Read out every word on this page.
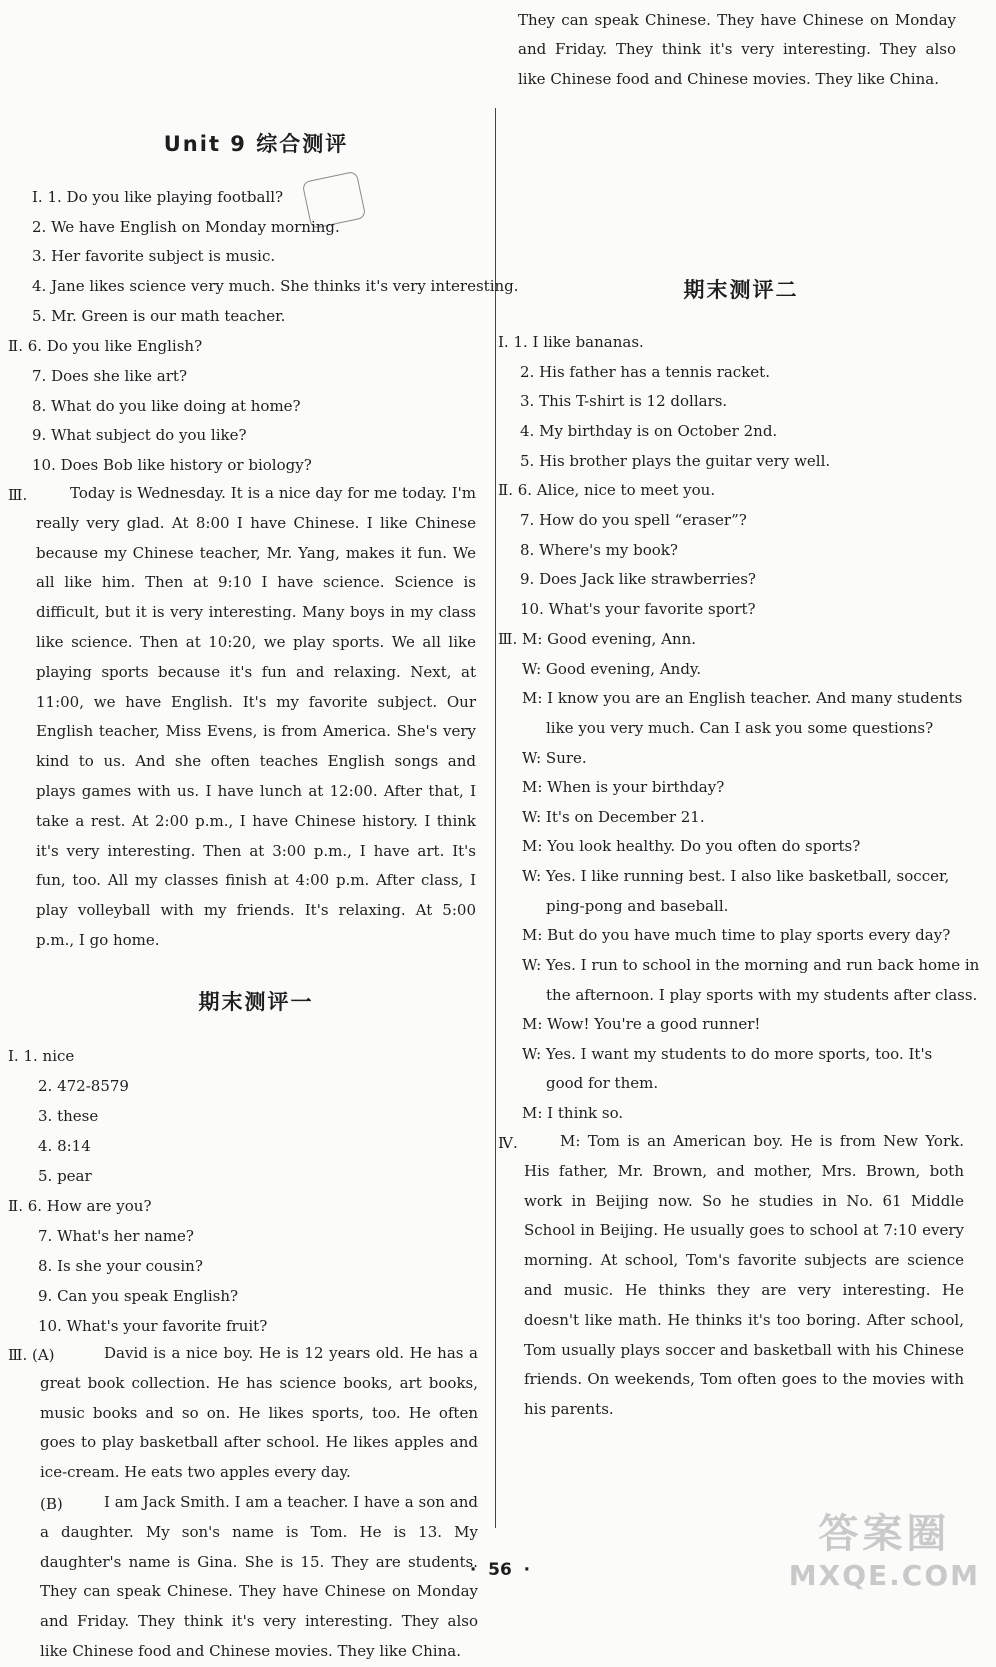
Unit 9 综合测评
Ⅰ. 1. Do you like playing football?
2. We have English on Monday morning.
3. Her favorite subject is music.
4. Jane likes science very much. She thinks it's very interesting.
5. Mr. Green is our math teacher.
Ⅱ. 6. Do you like English?
7. Does she like art?
8. What do you like doing at home?
9. What subject do you like?
10. Does Bob like history or biology?
Ⅲ.	Today is Wednesday. It is a nice day for me today. I'm really very glad. At 8:00 I have Chinese. I like Chinese because my Chinese teacher, Mr. Yang, makes it fun. We all like him. Then at 9:10 I have science. Science is difficult, but it is very interesting. Many boys in my class like science. Then at 10:20, we play sports. We all like playing sports because it's fun and relaxing. Next, at 11:00, we have English. It's my favorite subject. Our English teacher, Miss Evens, is from America. She's very kind to us. And she often teaches English songs and plays games with us. I have lunch at 12:00. After that, I take a rest. At 2:00 p.m., I have Chinese history. I think it's very interesting. Then at 3:00 p.m., I have art. It's fun, too. All my classes finish at 4:00 p.m. After class, I play volleyball with my friends. It's relaxing. At 5:00 p.m., I go home.
期末测评一
Ⅰ. 1. nice
2. 472-8579
3. these
4. 8:14
5. pear
Ⅱ. 6. How are you?
7. What's her name?
8. Is she your cousin?
9. Can you speak English?
10. What's your favorite fruit?
Ⅲ. (A)	David is a nice boy. He is 12 years old. He has a great book collection. He has science books, art books, music books and so on. He likes sports, too. He often goes to play basketball after school. He likes apples and ice-cream. He eats two apples every day.
(B)	I am Jack Smith. I am a teacher. I have a son and a daughter. My son's name is Tom. He is 13. My daughter's name is Gina. She is 15. They are students. They can speak Chinese. They have Chinese on Monday and Friday. They think it's very interesting. They also like Chinese food and Chinese movies. They like China.
They can speak Chinese. They have Chinese on Monday and Friday. They think it's very interesting. They also like Chinese food and Chinese movies. They like China.
期末测评二
Ⅰ. 1. I like bananas.
2. His father has a tennis racket.
3. This T-shirt is 12 dollars.
4. My birthday is on October 2nd.
5. His brother plays the guitar very well.
Ⅱ. 6. Alice, nice to meet you.
7. How do you spell “eraser”?
8. Where's my book?
9. Does Jack like strawberries?
10. What's your favorite sport?
Ⅲ. M: Good evening, Ann.
W: Good evening, Andy.
M: I know you are an English teacher. And many students
like you very much. Can I ask you some questions?
W: Sure.
M: When is your birthday?
W: It's on December 21.
M: You look healthy. Do you often do sports?
W: Yes. I like running best. I also like basketball, soccer,
ping-pong and baseball.
M: But do you have much time to play sports every day?
W: Yes. I run to school in the morning and run back home in
the afternoon. I play sports with my students after class.
M: Wow! You're a good runner!
W: Yes. I want my students to do more sports, too. It's
good for them.
M: I think so.
Ⅳ.	M: Tom is an American boy. He is from New York. His father, Mr. Brown, and mother, Mrs. Brown, both work in Beijing now. So he studies in No. 61 Middle School in Beijing. He usually goes to school at 7:10 every morning. At school, Tom's favorite subjects are science and music. He thinks they are very interesting. He doesn't like math. He thinks it's too boring. After school, Tom usually plays soccer and basketball with his Chinese friends. On weekends, Tom often goes to the movies with his parents.
·  56  ·
答案圈
MXQE.COM
